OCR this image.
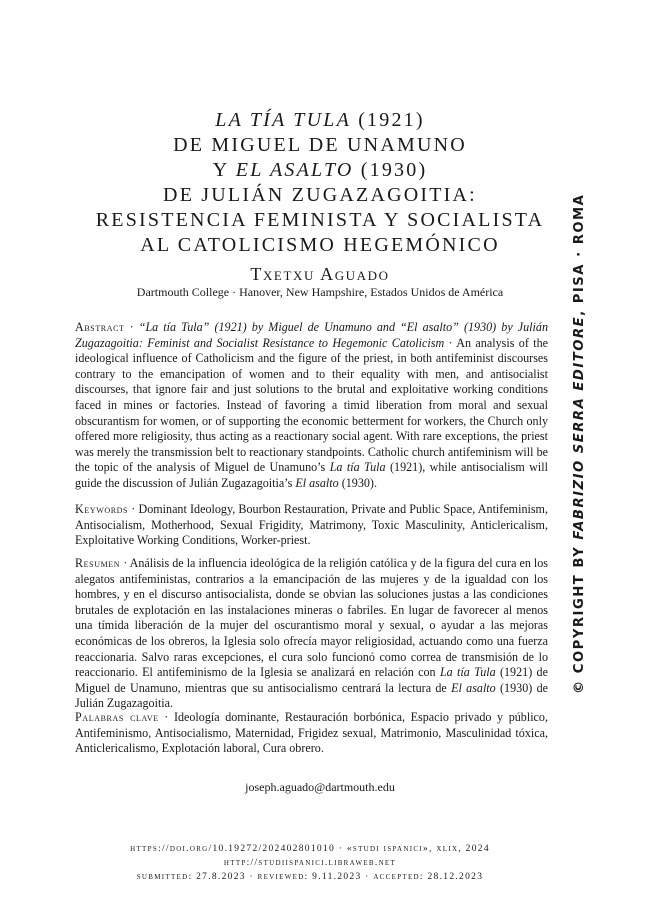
LA TÍA TULA (1921)
DE MIGUEL DE UNAMUNO
Y EL ASALTO (1930)
DE JULIÁN ZUGAZAGOITIA:
RESISTENCIA FEMINISTA Y SOCIALISTA
AL CATOLICISMO HEGEMÓNICO
Txetxu Aguado
Dartmouth College · Hanover, New Hampshire, Estados Unidos de América
Abstract · “La tía Tula” (1921) by Miguel de Unamuno and “El asalto” (1930) by Julián Zugazagoitia: Feminist and Socialist Resistance to Hegemonic Catolicism · An analysis of the ideological influence of Catholicism and the figure of the priest, in both antifeminist discourses contrary to the emancipation of women and to their equality with men, and antisocialist discourses, that ignore fair and just solutions to the brutal and exploitative working conditions faced in mines or factories. Instead of favoring a timid liberation from moral and sexual obscurantism for women, or of supporting the economic betterment for workers, the Church only offered more religiosity, thus acting as a reactionary social agent. With rare exceptions, the priest was merely the transmission belt to reactionary standpoints. Catholic church antifeminism will be the topic of the analysis of Miguel de Unamuno’s La tía Tula (1921), while antisocialism will guide the discussion of Julián Zugazagoitia’s El asalto (1930).
Keywords · Dominant Ideology, Bourbon Restauration, Private and Public Space, Antifeminism, Antisocialism, Motherhood, Sexual Frigidity, Matrimony, Toxic Masculinity, Anticlericalism, Exploitative Working Conditions, Worker-priest.
Resumen · Análisis de la influencia ideológica de la religión católica y de la figura del cura en los alegatos antifeministas, contrarios a la emancipación de las mujeres y de la igualdad con los hombres, y en el discurso antisocialista, donde se obvian las soluciones justas a las condiciones brutales de explotación en las instalaciones mineras o fabriles. En lugar de favorecer al menos una tímida liberación de la mujer del oscurantismo moral y sexual, o ayudar a las mejoras económicas de los obreros, la Iglesia solo ofrecía mayor religiosidad, actuando como una fuerza reaccionaria. Salvo raras excepciones, el cura solo funcionó como correa de transmisión de lo reaccionario. El antifeminismo de la Iglesia se analizará en relación con La tía Tula (1921) de Miguel de Unamuno, mientras que su antisocialismo centrará la lectura de El asalto (1930) de Julián Zugazagoitia.
Palabras clave · Ideología dominante, Restauración borbónica, Espacio privado y público, Antifeminismo, Antisocialismo, Maternidad, Frigidez sexual, Matrimonio, Masculinidad tóxica, Anticlericalismo, Explotación laboral, Cura obrero.
joseph.aguado@dartmouth.edu
https://doi.org/10.19272/202402801010 · «studi ispanici», xlix, 2024
http://studiispanici.libraweb.net
submitted: 27.8.2023 · reviewed: 9.11.2023 · accepted: 28.12.2023
© COPYRIGHT BY FABRIZIO SERRA EDITORE, PISA · ROMA
